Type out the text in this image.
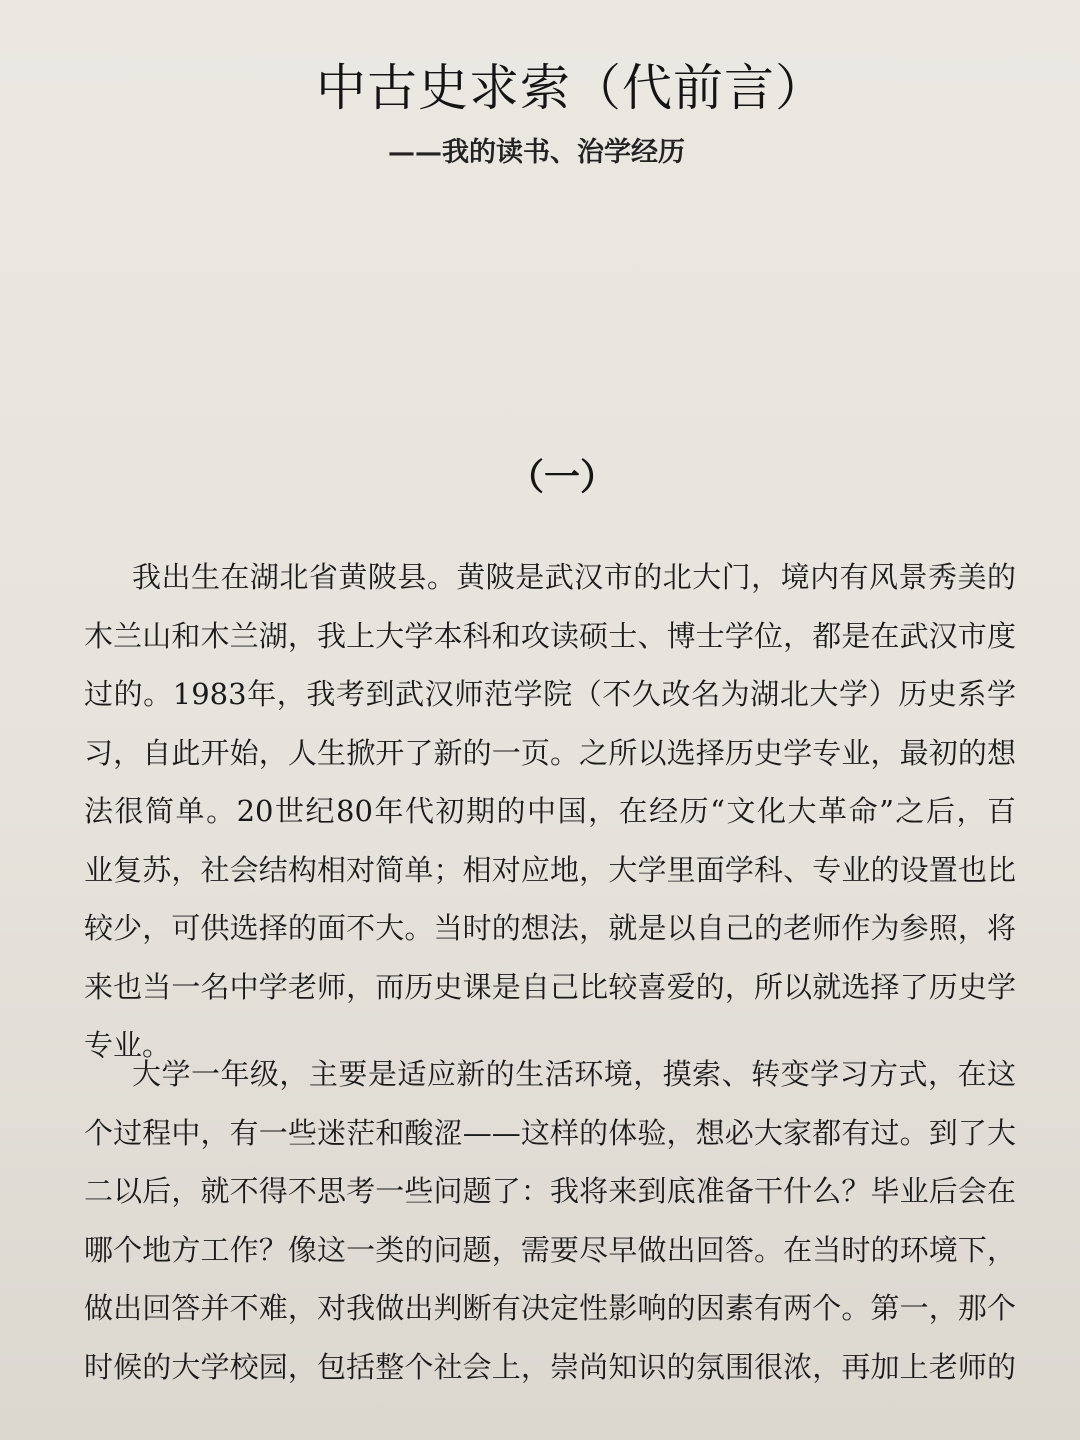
中古史求索（代前言）
——我的读书、治学经历
（一）
我出生在湖北省黄陂县。黄陂是武汉市的北大门，境内有风景秀美的
木兰山和木兰湖，我上大学本科和攻读硕士、博士学位，都是在武汉市度
过的。1983年，我考到武汉师范学院（不久改名为湖北大学）历史系学
习，自此开始，人生掀开了新的一页。之所以选择历史学专业，最初的想
法很简单。20世纪80年代初期的中国，在经历“文化大革命”之后，百
业复苏，社会结构相对简单；相对应地，大学里面学科、专业的设置也比
较少，可供选择的面不大。当时的想法，就是以自己的老师作为参照，将
来也当一名中学老师，而历史课是自己比较喜爱的，所以就选择了历史学
专业。
大学一年级，主要是适应新的生活环境，摸索、转变学习方式，在这
个过程中，有一些迷茫和酸涩——这样的体验，想必大家都有过。到了大
二以后，就不得不思考一些问题了：我将来到底准备干什么？毕业后会在
哪个地方工作？像这一类的问题，需要尽早做出回答。在当时的环境下，
做出回答并不难，对我做出判断有决定性影响的因素有两个。第一，那个
时候的大学校园，包括整个社会上，崇尚知识的氛围很浓，再加上老师的
